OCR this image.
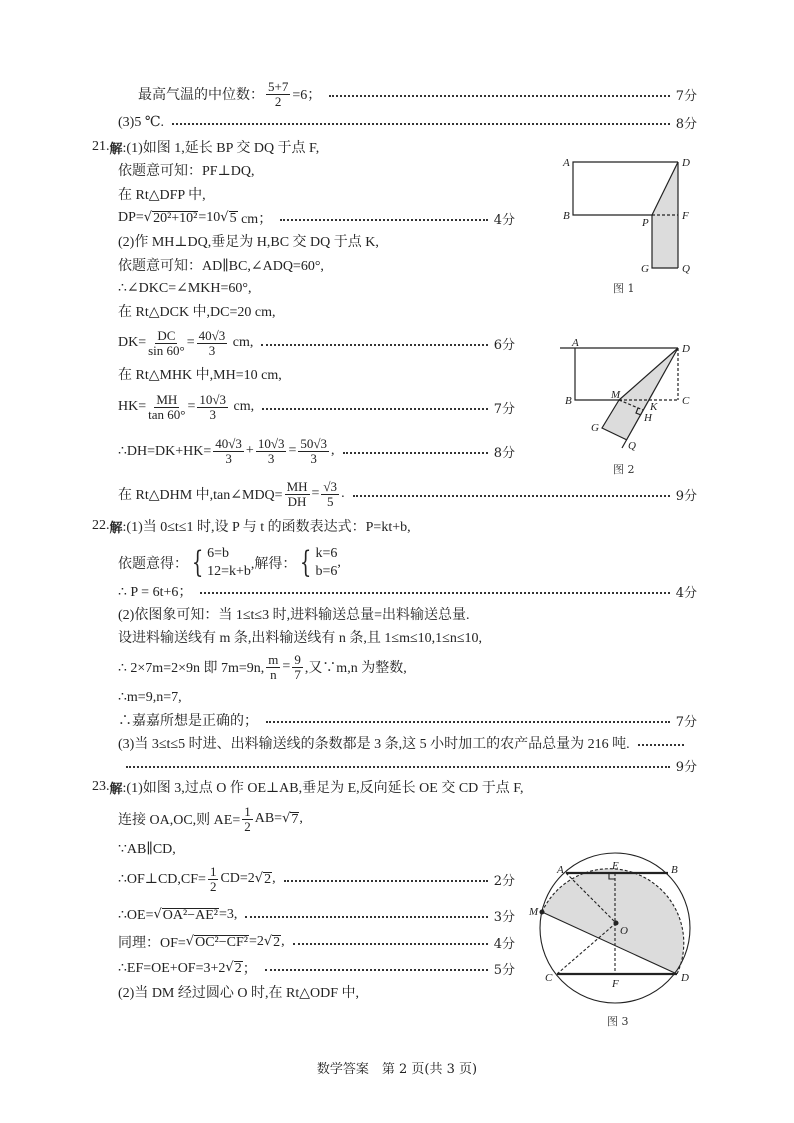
最高气温的中位数： $\frac{5+7}{2} =6$；	7分
(3)5 ℃.	8分
21. 解 :(1)如图 1,延长 BP 交 DQ 于点 F,
依题意可知：PF⊥DQ,
在 Rt△DFP 中,
DP= √ 20²+10² =10 √ 5 cm；	4分
(2)作 MH⊥DQ,垂足为 H,BC 交 DQ 于点 K,
依题意可知：AD∥BC,∠ADQ=60°,
∴∠DKC=∠MKH=60°,
在 Rt△DCK 中,DC=20 cm,
$DK= \frac{DC}{\sin 60^\circ} = \frac{40√3}{3}$ cm,	6分
在 Rt△MHK 中,MH=10 cm,
$HK= \frac{MH}{\tan 60^\circ} = \frac{10√3}{3}$ cm,	7分
∴DH=DK+HK= $\frac{40√3}{3} + \frac{10√3}{3} = \frac{50√3}{3}$ ,	8分
在 Rt△DHM 中,tan∠MDQ= $\frac{MH}{DH} = \frac{√3}{5}$ .	9分
22. 解 :(1)当 0≤t≤1 时,设 P 与 t 的函数表达式：P=kt+b,
依题意得： { 6=b
12=k+b ,解得： { k=6
b=6
,
∴ P = 6t+6；	4分
(2)依图象可知：当 1≤t≤3 时,进料输送总量=出料输送总量.
设进料输送线有 m 条,出料输送线有 n 条,且 1≤m≤10,1≤n≤10,
∴ 2×7m=2×9n 即 7m=9n, $\frac{m}{n} = \frac{9}{7}$ ,又∵m,n 为整数,
∴m=9,n=7,
∴嘉嘉所想是正确的；	7分
(3)当 3≤t≤5 时进、出料输送线的条数都是 3 条,这 5 小时加工的农产品总量为 216 吨.
9分
23. 解 :(1)如图 3,过点 O 作 OE⊥AB,垂足为 E,反向延长 OE 交 CD 于点 F,
连接 OA,OC,则 $AE= \frac{1}{2} AB=$ √ 7 ,
∵AB∥CD,
∴OF⊥CD,CF= $\frac{1}{2} CD=2$ √ 2 ,	2分
∴OE= √ OA²−AE² =3,	3分
同理：OF= √ OC²−CF² =2 √ 2 ,	4分
∴EF=OE+OF=3+2 √ 2 ；	5分
(2)当 DM 经过圆心 O 时,在 Rt△ODF 中,
A	D
B
P
F
G	Q
A	D
B	M	C
K
H
G
Q
A	E	B
M
O
C	F	D
图 1
图 2
图 3
数学答案　第 2 页(共 3 页)
